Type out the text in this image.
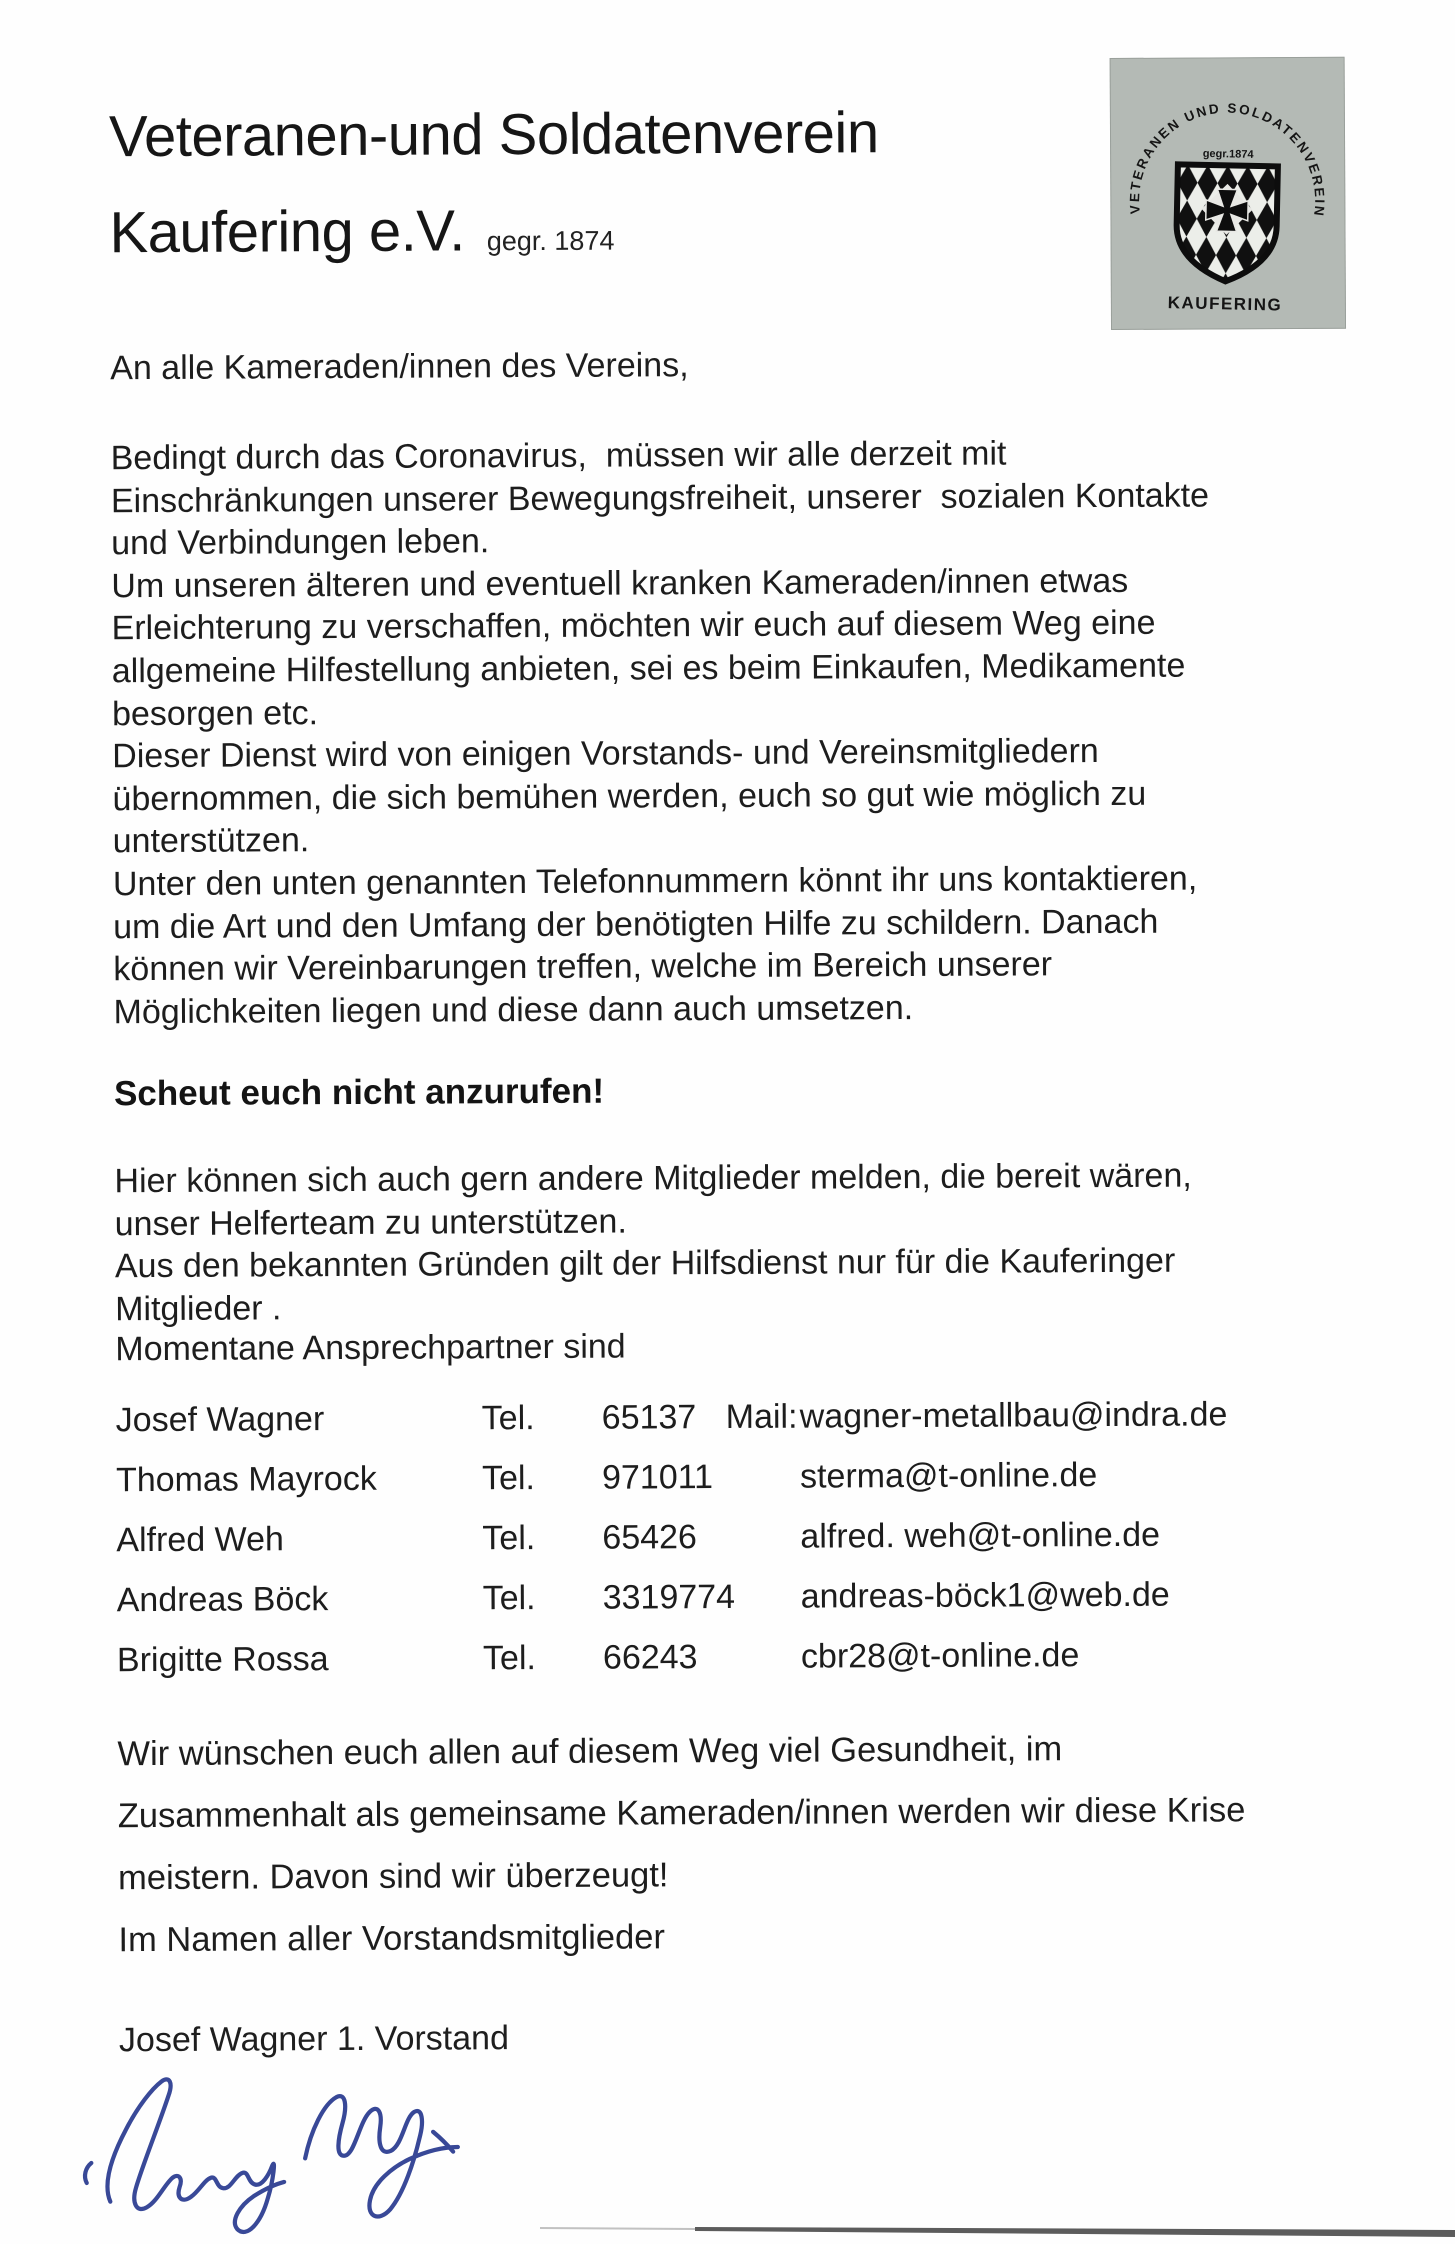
Veteranen-und Soldatenverein
Kaufering e.V. gegr. 1874
VETERANEN UND SOLDATENVEREIN
gegr.1874
KAUFERING
An alle Kameraden/innen des Vereins,
Bedingt durch das Coronavirus,  müssen wir alle derzeit mit
Einschränkungen unserer Bewegungsfreiheit, unserer  sozialen Kontakte
und Verbindungen leben.
Um unseren älteren und eventuell kranken Kameraden/innen etwas
Erleichterung zu verschaffen, möchten wir euch auf diesem Weg eine
allgemeine Hilfestellung anbieten, sei es beim Einkaufen, Medikamente
besorgen etc.
Dieser Dienst wird von einigen Vorstands- und Vereinsmitgliedern
übernommen, die sich bemühen werden, euch so gut wie möglich zu
unterstützen.
Unter den unten genannten Telefonnummern könnt ihr uns kontaktieren,
um die Art und den Umfang der benötigten Hilfe zu schildern. Danach
können wir Vereinbarungen treffen, welche im Bereich unserer
Möglichkeiten liegen und diese dann auch umsetzen.
Scheut euch nicht anzurufen!
Hier können sich auch gern andere Mitglieder melden, die bereit wären,
unser Helferteam zu unterstützen.
Aus den bekannten Gründen gilt der Hilfsdienst nur für die Kauferinger
Mitglieder .
Momentane Ansprechpartner sind
Josef Wagner	Tel.	65137 Mail: wagner-metallbau@indra.de
Thomas Mayrock	Tel.	971011	sterma@t-online.de
Alfred Weh	Tel.	65426	alfred. weh@t-online.de
Andreas Böck	Tel.	3319774 andreas-böck1@web.de
Brigitte Rossa	Tel.	66243	cbr28@t-online.de
Wir wünschen euch allen auf diesem Weg viel Gesundheit, im
Zusammenhalt als gemeinsame Kameraden/innen werden wir diese Krise
meistern. Davon sind wir überzeugt!
Im Namen aller Vorstandsmitglieder
Josef Wagner 1. Vorstand
